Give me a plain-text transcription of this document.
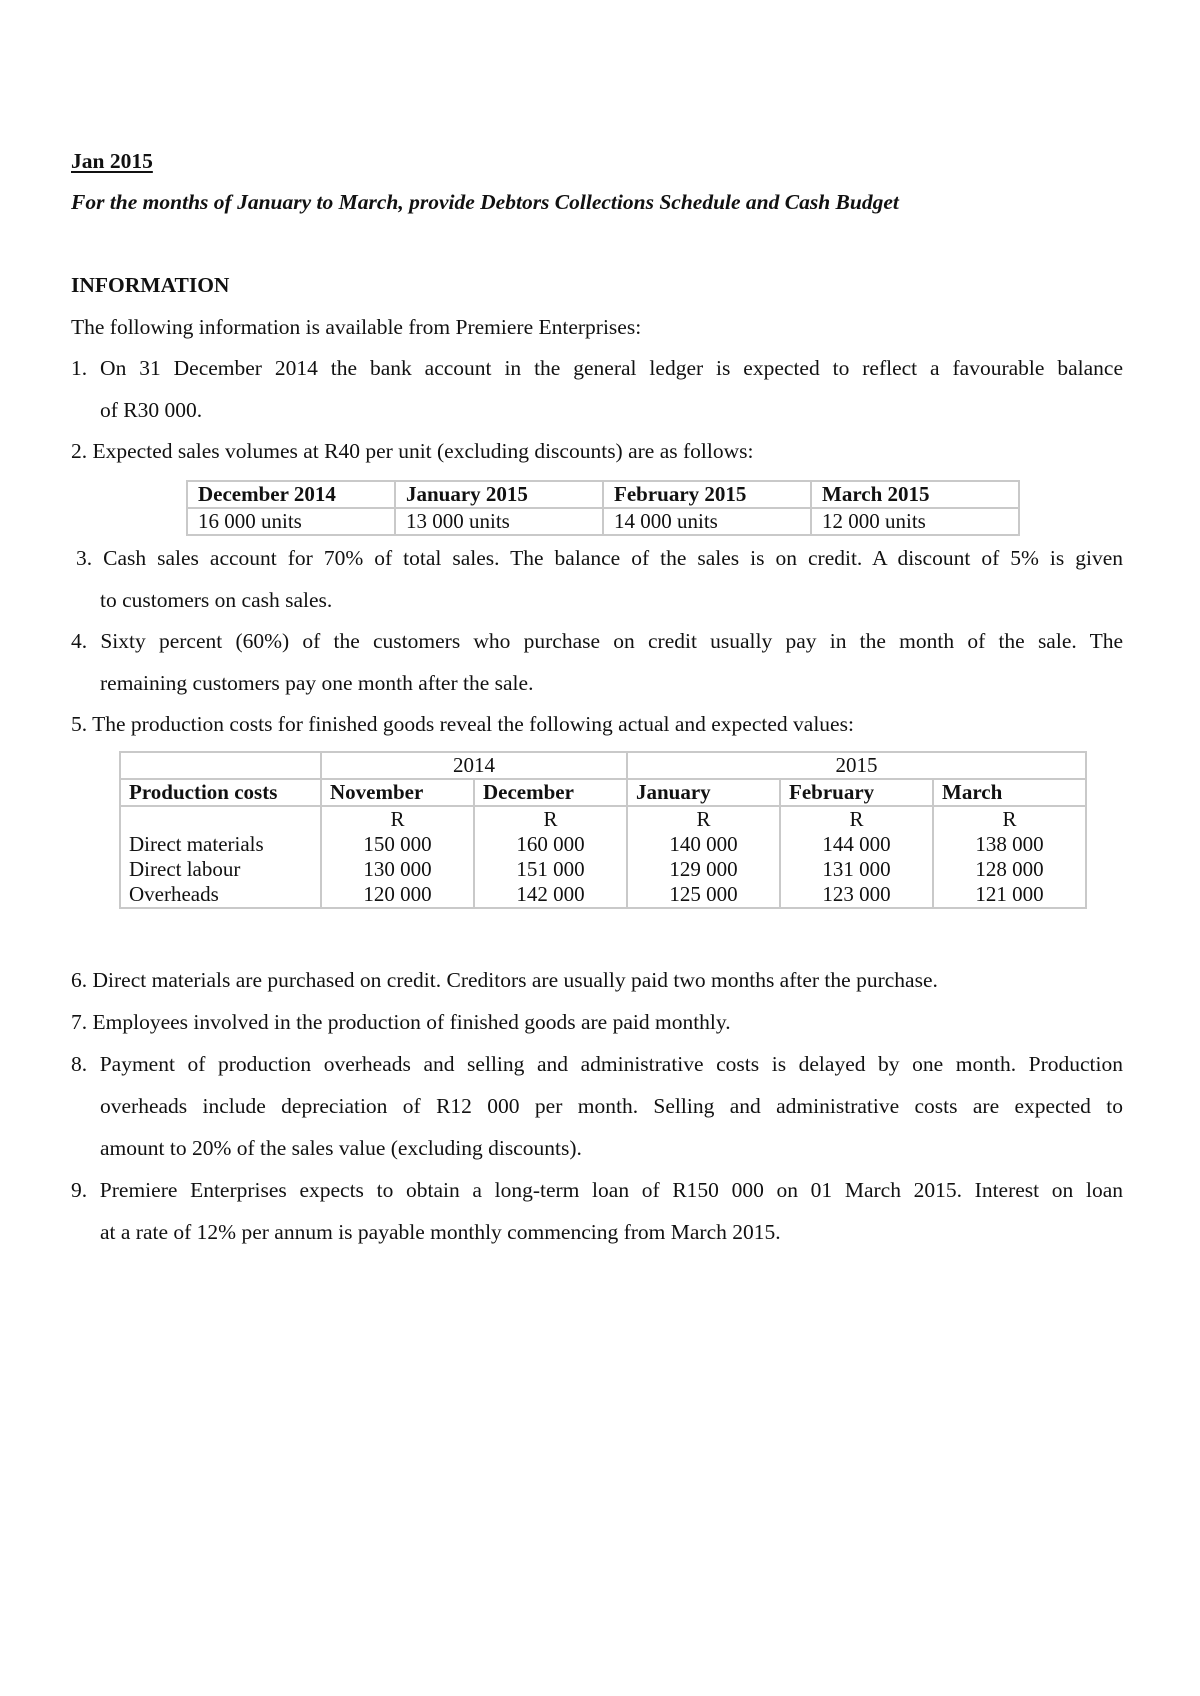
Jan 2015
For the months of January to March, provide Debtors Collections Schedule and Cash Budget
INFORMATION
The following information is available from Premiere Enterprises:
1. On 31 December 2014 the bank account in the general ledger is expected to reflect a favourable balance
of R30 000.
2. Expected sales volumes at R40 per unit (excluding discounts) are as follows:
December 2014	January 2015	February 2015	March 2015
16 000 units	13 000 units	14 000 units	12 000 units
3. Cash sales account for 70% of total sales. The balance of the sales is on credit. A discount of 5% is given
to customers on cash sales.
4. Sixty percent (60%) of the customers who purchase on credit usually pay in the month of the sale. The
remaining customers pay one month after the sale.
5. The production costs for finished goods reveal the following actual and expected values:
	2014		2015		
Production costs	November	December	January	February	March
	R	R	R	R	R
Direct materials	150 000	160 000	140 000	144 000	138 000
Direct labour	130 000	151 000	129 000	131 000	128 000
Overheads	120 000	142 000	125 000	123 000	121 000
6. Direct materials are purchased on credit. Creditors are usually paid two months after the purchase.
7. Employees involved in the production of finished goods are paid monthly.
8. Payment of production overheads and selling and administrative costs is delayed by one month. Production
overheads include depreciation of R12 000 per month. Selling and administrative costs are expected to
amount to 20% of the sales value (excluding discounts).
9. Premiere Enterprises expects to obtain a long-term loan of R150 000 on 01 March 2015. Interest on loan
at a rate of 12% per annum is payable monthly commencing from March 2015.
